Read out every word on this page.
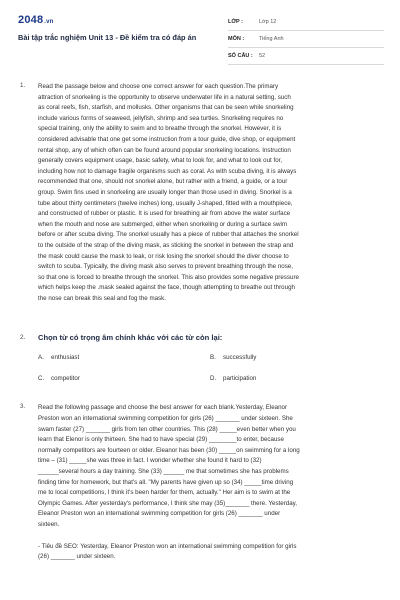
2048.vn
Bài tập trắc nghiệm Unit 13 - Đề kiểm tra có đáp án
LỚP :	Lớp 12
MÔN :	Tiếng Anh
SỐ CÂU :	52
1. Read the passage below and choose one correct answer for each question.The primary
attraction of snorkeling is the opportunity to observe underwater life in a natural setting, such
as coral reefs, fish, starfish, and mollusks. Other organisms that can be seen while snorkeling
include various forms of seaweed, jellyfish, shrimp and sea turtles. Snorkeling requires no
special training, only the ability to swim and to breathe through the snorkel. However, it is
considered advisable that one get some instruction from a tour guide, dive shop, or equipment
rental shop, any of which often can be found around popular snorkeling locations. Instruction
generally covers equipment usage, basic safety, what to look for, and what to look out for,
including how not to damage fragile organisms such as coral. As with scuba diving, it is always
recommended that one, should not snorkel alone, but rather with a friend, a guide, or a tour
group. Swim fins used in snorkeling are usually longer than those used in diving. Snorkel is a
tube about thirty centimeters (twelve inches) long, usually J-shaped, fitted with a mouthpiece,
and constructed of rubber or plastic. It is used for breathing air from above the water surface
when the mouth and nose are submerged, either when snorkeling or during a surface swim
before or after scuba diving. The snorkel usually has a piece of rubber that attaches the snorkel
to the outside of the strap of the diving mask, as sticking the snorkel in between the strap and
the mask could cause the mask to leak, or risk losing the snorkel should the diver choose to
switch to scuba. Typically, the diving mask also serves to prevent breathing through the nose,
so that one is forced to breathe through the snorkel. This also provides some negative pressure
which helps keep the .mask sealed against the face, though attempting to breathe out through
the nose can break this seal and fog the mask.

2. Chọn từ có trọng âm chính khác với các từ còn lại:
A.	enthusiast	B.	successfully
C.	competitor	D.	participation
3. Read the following passage and choose the best answer for each blank.Yesterday, Eleanor
Preston won an international swimming competition for girls (26) _______ under sixteen. She
swam faster (27) _______ girls from ten other countries. This (28) _____even better when you
learn that Elenor is only thirteen. She had to have special (29) ________to enter, because
normally competitors are fourteen or older. Eleanor has been (30) _____on swimming for a long
time – (31) _____she was three in fact. I wonder whether she found it hard to (32)
______several hours a day training. She (33) ______ me that sometimes she has problems
finding time for homework, but that's all. "My parents have given up so (34) _____time driving
me to local competitions, I think it's been harder for them, actually." Her aim is to swim at the
Olympic Games. After yesterday's performance, I think she may (35)_______ there. Yesterday,
Eleanor Preston won an international swimming competition for girls (26) _______ under
sixteen.

- Tiêu đề SEO: Yesterday, Eleanor Preston won an international swimming competition for girls
(26) _______ under sixteen.
